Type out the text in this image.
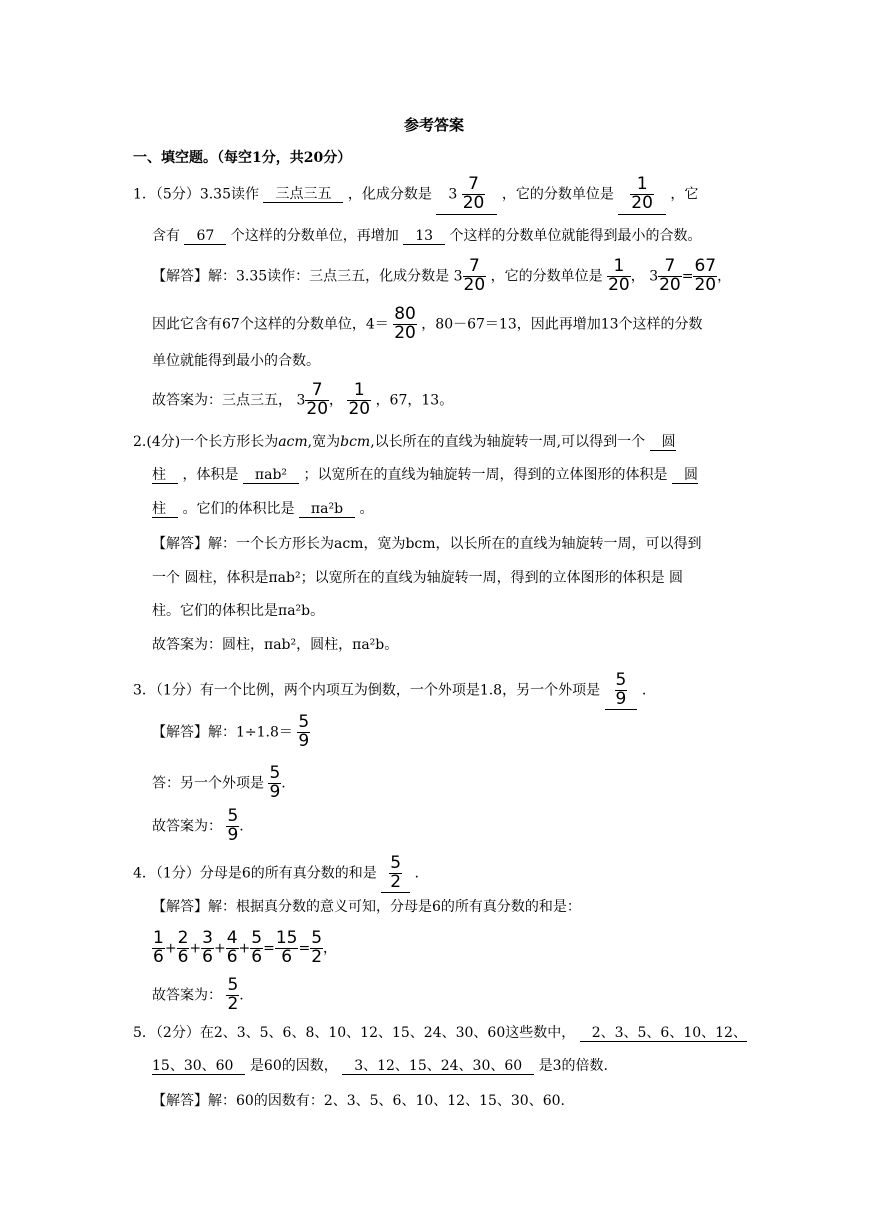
参考答案
一、填空题。（每空1分，共20分）
1．（5分）3.35读作 三点三五 ，化成分数是 $3 \frac{7}{20}$ ，它的分数单位是 $\frac{1}{20}$ ，它
含有 67 个这样的分数单位，再增加 13 个这样的分数单位就能得到最小的合数。
【解答】解：3.35读作：三点三五，化成分数是 $3 \frac{7}{20}$ ，它的分数单位是 $\frac{1}{20}$ ， $3 \frac{7}{20} = \frac{67}{20}$ ，
因此它含有67个这样的分数单位，$4= \frac{80}{20}$ ，80－67＝13，因此再增加13个这样的分数
单位就能得到最小的合数。
故答案为：三点三五， $3 \frac{7}{20}$ ， $\frac{1}{20}$ ，67，13。
2.(4分)一个长方形长为acm,宽为bcm,以长所在的直线为轴旋转一周,可以得到一个 圆
柱 ，体积是 πab² ；以宽所在的直线为轴旋转一周，得到的立体图形的体积是 圆
柱 。它们的体积比是 πa²b 。
【解答】解：一个长方形长为acm，宽为bcm，以长所在的直线为轴旋转一周，可以得到
一个 圆柱，体积是πab²；以宽所在的直线为轴旋转一周，得到的立体图形的体积是 圆
柱。它们的体积比是πa²b。
故答案为：圆柱，πab²，圆柱，πa²b。
3．（1分）有一个比例，两个内项互为倒数，一个外项是1.8，另一个外项是 $\frac{5}{9}$ .
【解答】解：$1\div 1.8= \frac{5}{9}$
答：另一个外项是 $\frac{5}{9}$ .
故答案为： $\frac{5}{9}$ .
4．（1分）分母是6的所有真分数的和是 $\frac{5}{2}$ .
【解答】解：根据真分数的意义可知，分母是6的所有真分数的和是：
$\frac{1}{6} + \frac{2}{6} + \frac{3}{6} + \frac{4}{6} + \frac{5}{6} = \frac{15}{6} = \frac{5}{2}$ ，
故答案为： $\frac{5}{2}$ .
5．（2分）在2、3、5、6、8、10、12、15、24、30、60这些数中， 2、3、5、6、10、12、
15、30、60 是60的因数， 3、12、15、24、30、60 是3的倍数.
【解答】解：60的因数有：2、3、5、6、10、12、15、30、60.
